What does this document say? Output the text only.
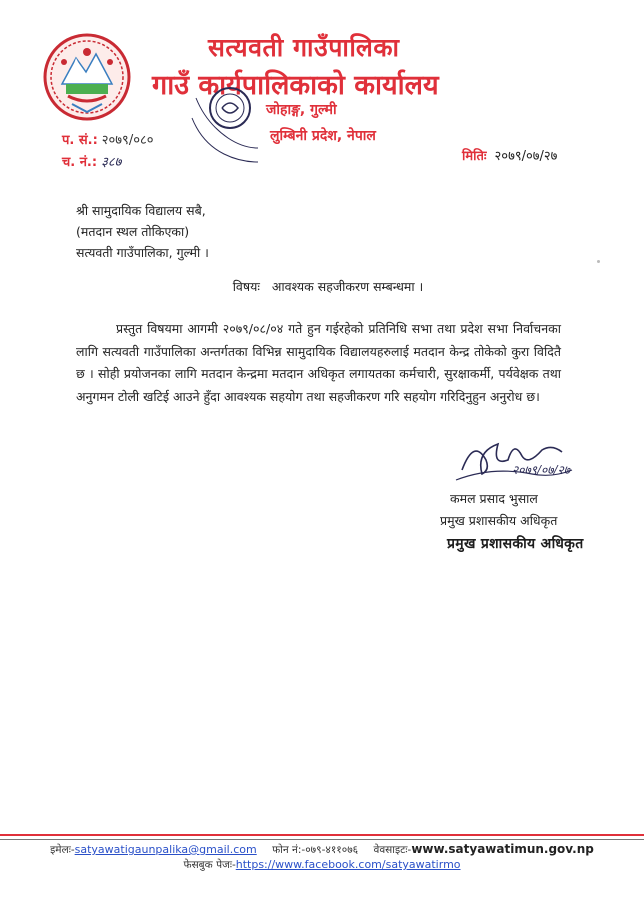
सत्यवती गाउँपालिका
गाउँ कार्यपालिकाको कार्यालय
जोहाङ्ग, गुल्मी
लुम्बिनी प्रदेश, नेपाल
प. सं.: २०७९/०८०
च. नं.: ३८७	मितिः २०७९/०७/२७
श्री सामुदायिक विद्यालय सबै,
(मतदान स्थल तोकिएका)
सत्यवती गाउँपालिका, गुल्मी ।
विषयः आवश्यक सहजीकरण सम्बन्धमा ।
प्रस्तुत विषयमा आगमी २०७९/०८/०४ गते हुन गईरहेको प्रतिनिधि सभा तथा प्रदेश सभा निर्वाचनका लागि सत्यवती गाउँपालिका अन्तर्गतका विभिन्न सामुदायिक विद्यालयहरुलाई मतदान केन्द्र तोकेको कुरा विदितै छ । सोही प्रयोजनका लागि मतदान केन्द्रमा मतदान अधिकृत लगायतका कर्मचारी, सुरक्षाकर्मी, पर्यवेक्षक तथा अनुगमन टोली खटिई आउने हुँदा आवश्यक सहयोग तथा सहजीकरण गरि सहयोग गरिदिनुहुन अनुरोध छ।
२०७९/०७/२७
कमल प्रसाद भुसाल
प्रमुख प्रशासकीय अधिकृत
प्रमुख प्रशासकीय अधिकृत
इमेलः-satyawatigaunpalika@gmail.com फोन नं:-०७९-४११०७६ वेवसाइटः-www.satyawatimun.gov.np
फेसबुक पेजः-https://www.facebook.com/satyawatirmo
